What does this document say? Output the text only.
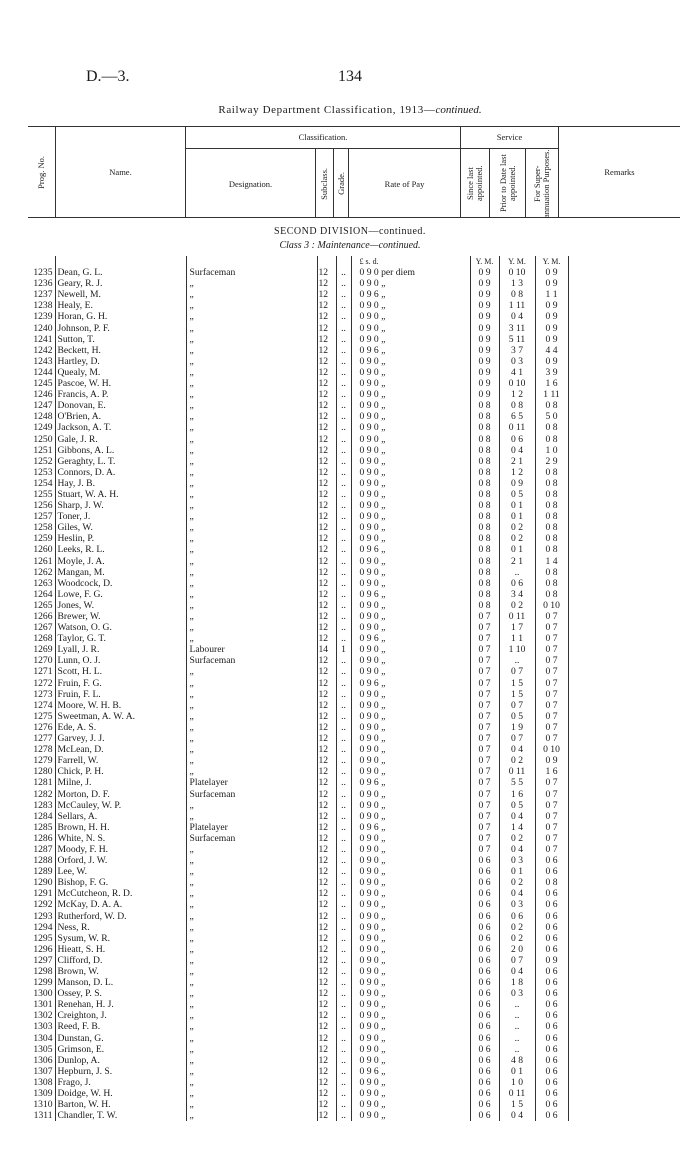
D.—3.	134
Railway Department Classification, 1913—continued.
Prog. No.	Name.
Classification.
Designation.	Subclass. Grade.	Rate of Pay
Service
Since last appointed. Prior to Date last appointed. For Super-annuation Purposes.	Remarks
SECOND DIVISION—continued.
Class 3 : Maintenance—continued.
					£ s. d.	Y. M.	Y. M.	Y. M.	
1235	Dean, G. L.	Surfaceman	12	..	0 9 0 per diem	0 9	0 10	0 9	
1236	Geary, R. J.	„	12	..	0 9 0 „	0 9	1 3	0 9	
1237	Newell, M.	„	12	..	0 9 6 „	0 9	0 8	1 1	
1238	Healy, E.	„	12	..	0 9 0 „	0 9	1 11	0 9	
1239	Horan, G. H.	„	12	..	0 9 0 „	0 9	0 4	0 9	
1240	Johnson, P. F.	„	12	..	0 9 0 „	0 9	3 11	0 9	
1241	Sutton, T.	„	12	..	0 9 0 „	0 9	5 11	0 9	
1242	Beckett, H.	„	12	..	0 9 6 „	0 9	3 7	4 4	
1243	Hartley, D.	„	12	..	0 9 0 „	0 9	0 3	0 9	
1244	Quealy, M.	„	12	..	0 9 0 „	0 9	4 1	3 9	
1245	Pascoe, W. H.	„	12	..	0 9 0 „	0 9	0 10	1 6	
1246	Francis, A. P.	„	12	..	0 9 0 „	0 9	1 2	1 11	
1247	Donovan, E.	„	12	..	0 9 0 „	0 8	0 8	0 8	
1248	O'Brien, A.	„	12	..	0 9 0 „	0 8	6 5	5 0	
1249	Jackson, A. T.	„	12	..	0 9 0 „	0 8	0 11	0 8	
1250	Gale, J. R.	„	12	..	0 9 0 „	0 8	0 6	0 8	
1251	Gibbons, A. L.	„	12	..	0 9 0 „	0 8	0 4	1 0	
1252	Geraghty, L. T.	„	12	..	0 9 0 „	0 8	2 1	2 9	
1253	Connors, D. A.	„	12	..	0 9 0 „	0 8	1 2	0 8	
1254	Hay, J. B.	„	12	..	0 9 0 „	0 8	0 9	0 8	
1255	Stuart, W. A. H.	„	12	..	0 9 0 „	0 8	0 5	0 8	
1256	Sharp, J. W.	„	12	..	0 9 0 „	0 8	0 1	0 8	
1257	Toner, J.	„	12	..	0 9 0 „	0 8	0 1	0 8	
1258	Giles, W.	„	12	..	0 9 0 „	0 8	0 2	0 8	
1259	Heslin, P.	„	12	..	0 9 0 „	0 8	0 2	0 8	
1260	Leeks, R. L.	„	12	..	0 9 6 „	0 8	0 1	0 8	
1261	Moyle, J. A.	„	12	..	0 9 0 „	0 8	2 1	1 4	
1262	Mangan, M.	„	12	..	0 9 0 „	0 8	..	0 8	
1263	Woodcock, D.	„	12	..	0 9 0 „	0 8	0 6	0 8	
1264	Lowe, F. G.	„	12	..	0 9 6 „	0 8	3 4	0 8	
1265	Jones, W.	„	12	..	0 9 0 „	0 8	0 2	0 10	
1266	Brewer, W.	„	12	..	0 9 0 „	0 7	0 11	0 7	
1267	Watson, O. G.	„	12	..	0 9 0 „	0 7	1 7	0 7	
1268	Taylor, G. T.	„	12	..	0 9 6 „	0 7	1 1	0 7	
1269	Lyall, J. R.	Labourer	14	1	0 9 0 „	0 7	1 10	0 7	
1270	Lunn, O. J.	Surfaceman	12	..	0 9 0 „	0 7	..	0 7	
1271	Scott, H. L.	„	12	..	0 9 0 „	0 7	0 7	0 7	
1272	Fruin, F. G.	„	12	..	0 9 6 „	0 7	1 5	0 7	
1273	Fruin, F. L.	„	12	..	0 9 0 „	0 7	1 5	0 7	
1274	Moore, W. H. B.	„	12	..	0 9 0 „	0 7	0 7	0 7	
1275	Sweetman, A. W. A.	„	12	..	0 9 0 „	0 7	0 5	0 7	
1276	Ede, A. S.	„	12	..	0 9 0 „	0 7	1 9	0 7	
1277	Garvey, J. J.	„	12	..	0 9 0 „	0 7	0 7	0 7	
1278	McLean, D.	„	12	..	0 9 0 „	0 7	0 4	0 10	
1279	Farrell, W.	„	12	..	0 9 0 „	0 7	0 2	0 9	
1280	Chick, P. H.	„	12	..	0 9 0 „	0 7	0 11	1 6	
1281	Milne, J.	Platelayer	12	..	0 9 6 „	0 7	5 5	0 7	
1282	Morton, D. F.	Surfaceman	12	..	0 9 0 „	0 7	1 6	0 7	
1283	McCauley, W. P.	„	12	..	0 9 0 „	0 7	0 5	0 7	
1284	Sellars, A.	„	12	..	0 9 0 „	0 7	0 4	0 7	
1285	Brown, H. H.	Platelayer	12	..	0 9 6 „	0 7	1 4	0 7	
1286	White, N. S.	Surfaceman	12	..	0 9 0 „	0 7	0 2	0 7	
1287	Moody, F. H.	„	12	..	0 9 0 „	0 7	0 4	0 7	
1288	Orford, J. W.	„	12	..	0 9 0 „	0 6	0 3	0 6	
1289	Lee, W.	„	12	..	0 9 0 „	0 6	0 1	0 6	
1290	Bishop, F. G.	„	12	..	0 9 0 „	0 6	0 2	0 8	
1291	McCutcheon, R. D.	„	12	..	0 9 0 „	0 6	0 4	0 6	
1292	McKay, D. A. A.	„	12	..	0 9 0 „	0 6	0 3	0 6	
1293	Rutherford, W. D.	„	12	..	0 9 0 „	0 6	0 6	0 6	
1294	Ness, R.	„	12	..	0 9 0 „	0 6	0 2	0 6	
1295	Sysum, W. R.	„	12	..	0 9 0 „	0 6	0 2	0 6	
1296	Hieatt, S. H.	„	12	..	0 9 0 „	0 6	2 0	0 6	
1297	Clifford, D.	„	12	..	0 9 0 „	0 6	0 7	0 9	
1298	Brown, W.	„	12	..	0 9 0 „	0 6	0 4	0 6	
1299	Manson, D. L.	„	12	..	0 9 0 „	0 6	1 8	0 6	
1300	Ossey, P. S.	„	12	..	0 9 0 „	0 6	0 3	0 6	
1301	Renehan, H. J.	„	12	..	0 9 0 „	0 6	..	0 6	
1302	Creighton, J.	„	12	..	0 9 0 „	0 6	..	0 6	
1303	Reed, F. B.	„	12	..	0 9 0 „	0 6	..	0 6	
1304	Dunstan, G.	„	12	..	0 9 0 „	0 6	..	0 6	
1305	Grimson, E.	„	12	..	0 9 0 „	0 6	..	0 6	
1306	Dunlop, A.	„	12	..	0 9 0 „	0 6	4 8	0 6	
1307	Hepburn, J. S.	„	12	..	0 9 6 „	0 6	0 1	0 6	
1308	Frago, J.	„	12	..	0 9 0 „	0 6	1 0	0 6	
1309	Doidge, W. H.	„	12	..	0 9 0 „	0 6	0 11	0 6	
1310	Barton, W. H.	„	12	..	0 9 0 „	0 6	1 5	0 6	
1311	Chandler, T. W.	„	12	..	0 9 0 „	0 6	0 4	0 6	
